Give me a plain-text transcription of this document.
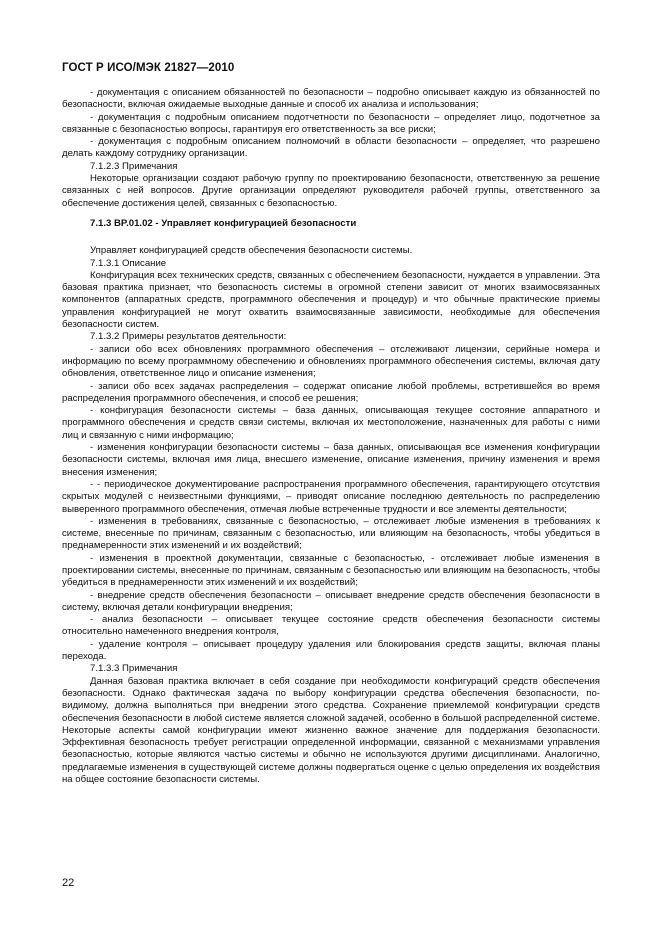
ГОСТ Р ИСО/МЭК 21827—2010

- документация с описанием обязанностей по безопасности – подробно описывает каждую из обязанностей по безопасности, включая ожидаемые выходные данные и способ их анализа и использования;

- документация с подробным описанием подотчетности по безопасности – определяет лицо, подотчетное за связанные с безопасностью вопросы, гарантируя его ответственность за все риски;

- документация с подробным описанием полномочий в области безопасности – определяет, что разрешено делать каждому сотруднику организации.

7.1.2.3 Примечания

Некоторые организации создают рабочую группу по проектированию безопасности, ответственную за решение связанных с ней вопросов. Другие организации определяют руководителя рабочей группы, ответственного за обеспечение достижения целей, связанных с безопасностью.

7.1.3 BP.01.02 - Управляет конфигурацией безопасности

Управляет конфигурацией средств обеспечения безопасности системы.

7.1.3.1 Описание

Конфигурация всех технических средств, связанных с обеспечением безопасности, нуждается в управлении. Эта базовая практика признает, что безопасность системы в огромной степени зависит от многих взаимосвязанных компонентов (аппаратных средств, программного обеспечения и процедур) и что обычные практические приемы управления конфигурацией не могут охватить взаимосвязанные зависимости, необходимые для обеспечения безопасности систем.

7.1.3.2 Примеры результатов деятельности:

- записи обо всех обновлениях программного обеспечения – отслеживают лицензии, серийные номера и информацию по всему программному обеспечению и обновлениях программного обеспечения системы, включая дату обновления, ответственное лицо и описание изменения;

- записи обо всех задачах распределения – содержат описание любой проблемы, встретившейся во время распределения программного обеспечения, и способ ее решения;

- конфигурация безопасности системы – база данных, описывающая текущее состояние аппаратного и программного обеспечения и средств связи системы, включая их местоположение, назначенных для работы с ними лиц и связанную с ними информацию;

- изменения конфигурации безопасности системы – база данных, описывающая все изменения конфигурации безопасности системы, включая имя лица, внесшего изменение, описание изменения, причину изменения и время внесения изменения;

- - периодическое документирование распространения программного обеспечения, гарантирующего отсутствия скрытых модулей с неизвестными функциями, – приводят описание последнюю деятельность по распределению выверенного программного обеспечения, отмечая любые встреченные трудности и все элементы деятельности;

- изменения в требованиях, связанные с безопасностью, – отслеживает любые изменения в требованиях к системе, внесенные по причинам, связанным с безопасностью, или влияющим на безопасность, чтобы убедиться в преднамеренности этих изменений и их воздействий;

- изменения в проектной документации, связанные с безопасностью, - отслеживает любые изменения в проектировании системы, внесенные по причинам, связанным с безопасностью или влияющим на безопасность, чтобы убедиться в преднамеренности этих изменений и их воздействий;

- внедрение средств обеспечения безопасности – описывает внедрение средств обеспечения безопасности в систему, включая детали конфигурации внедрения;

- анализ безопасности – описывает текущее состояние средств обеспечения безопасности системы относительно намеченного внедрения контроля,

- удаление контроля – описывает процедуру удаления или блокирования средств защиты, включая планы перехода.

7.1.3.3 Примечания

Данная базовая практика включает в себя создание при необходимости конфигураций средств обеспечения безопасности. Однако фактическая задача по выбору конфигурации средства обеспечения безопасности, по-видимому, должна выполняться при внедрении этого средства. Сохранение приемлемой конфигурации средств обеспечения безопасности в любой системе является сложной задачей, особенно в большой распределенной системе. Некоторые аспекты самой конфигурации имеют жизненно важное значение для поддержания безопасности. Эффективная безопасность требует регистрации определенной информации, связанной с механизмами управления безопасностью, которые являются частью системы и обычно не используются другими дисциплинами. Аналогично, предлагаемые изменения в существующей системе должны подвергаться оценке с целью определения их воздействия на общее состояние безопасности системы.

22
